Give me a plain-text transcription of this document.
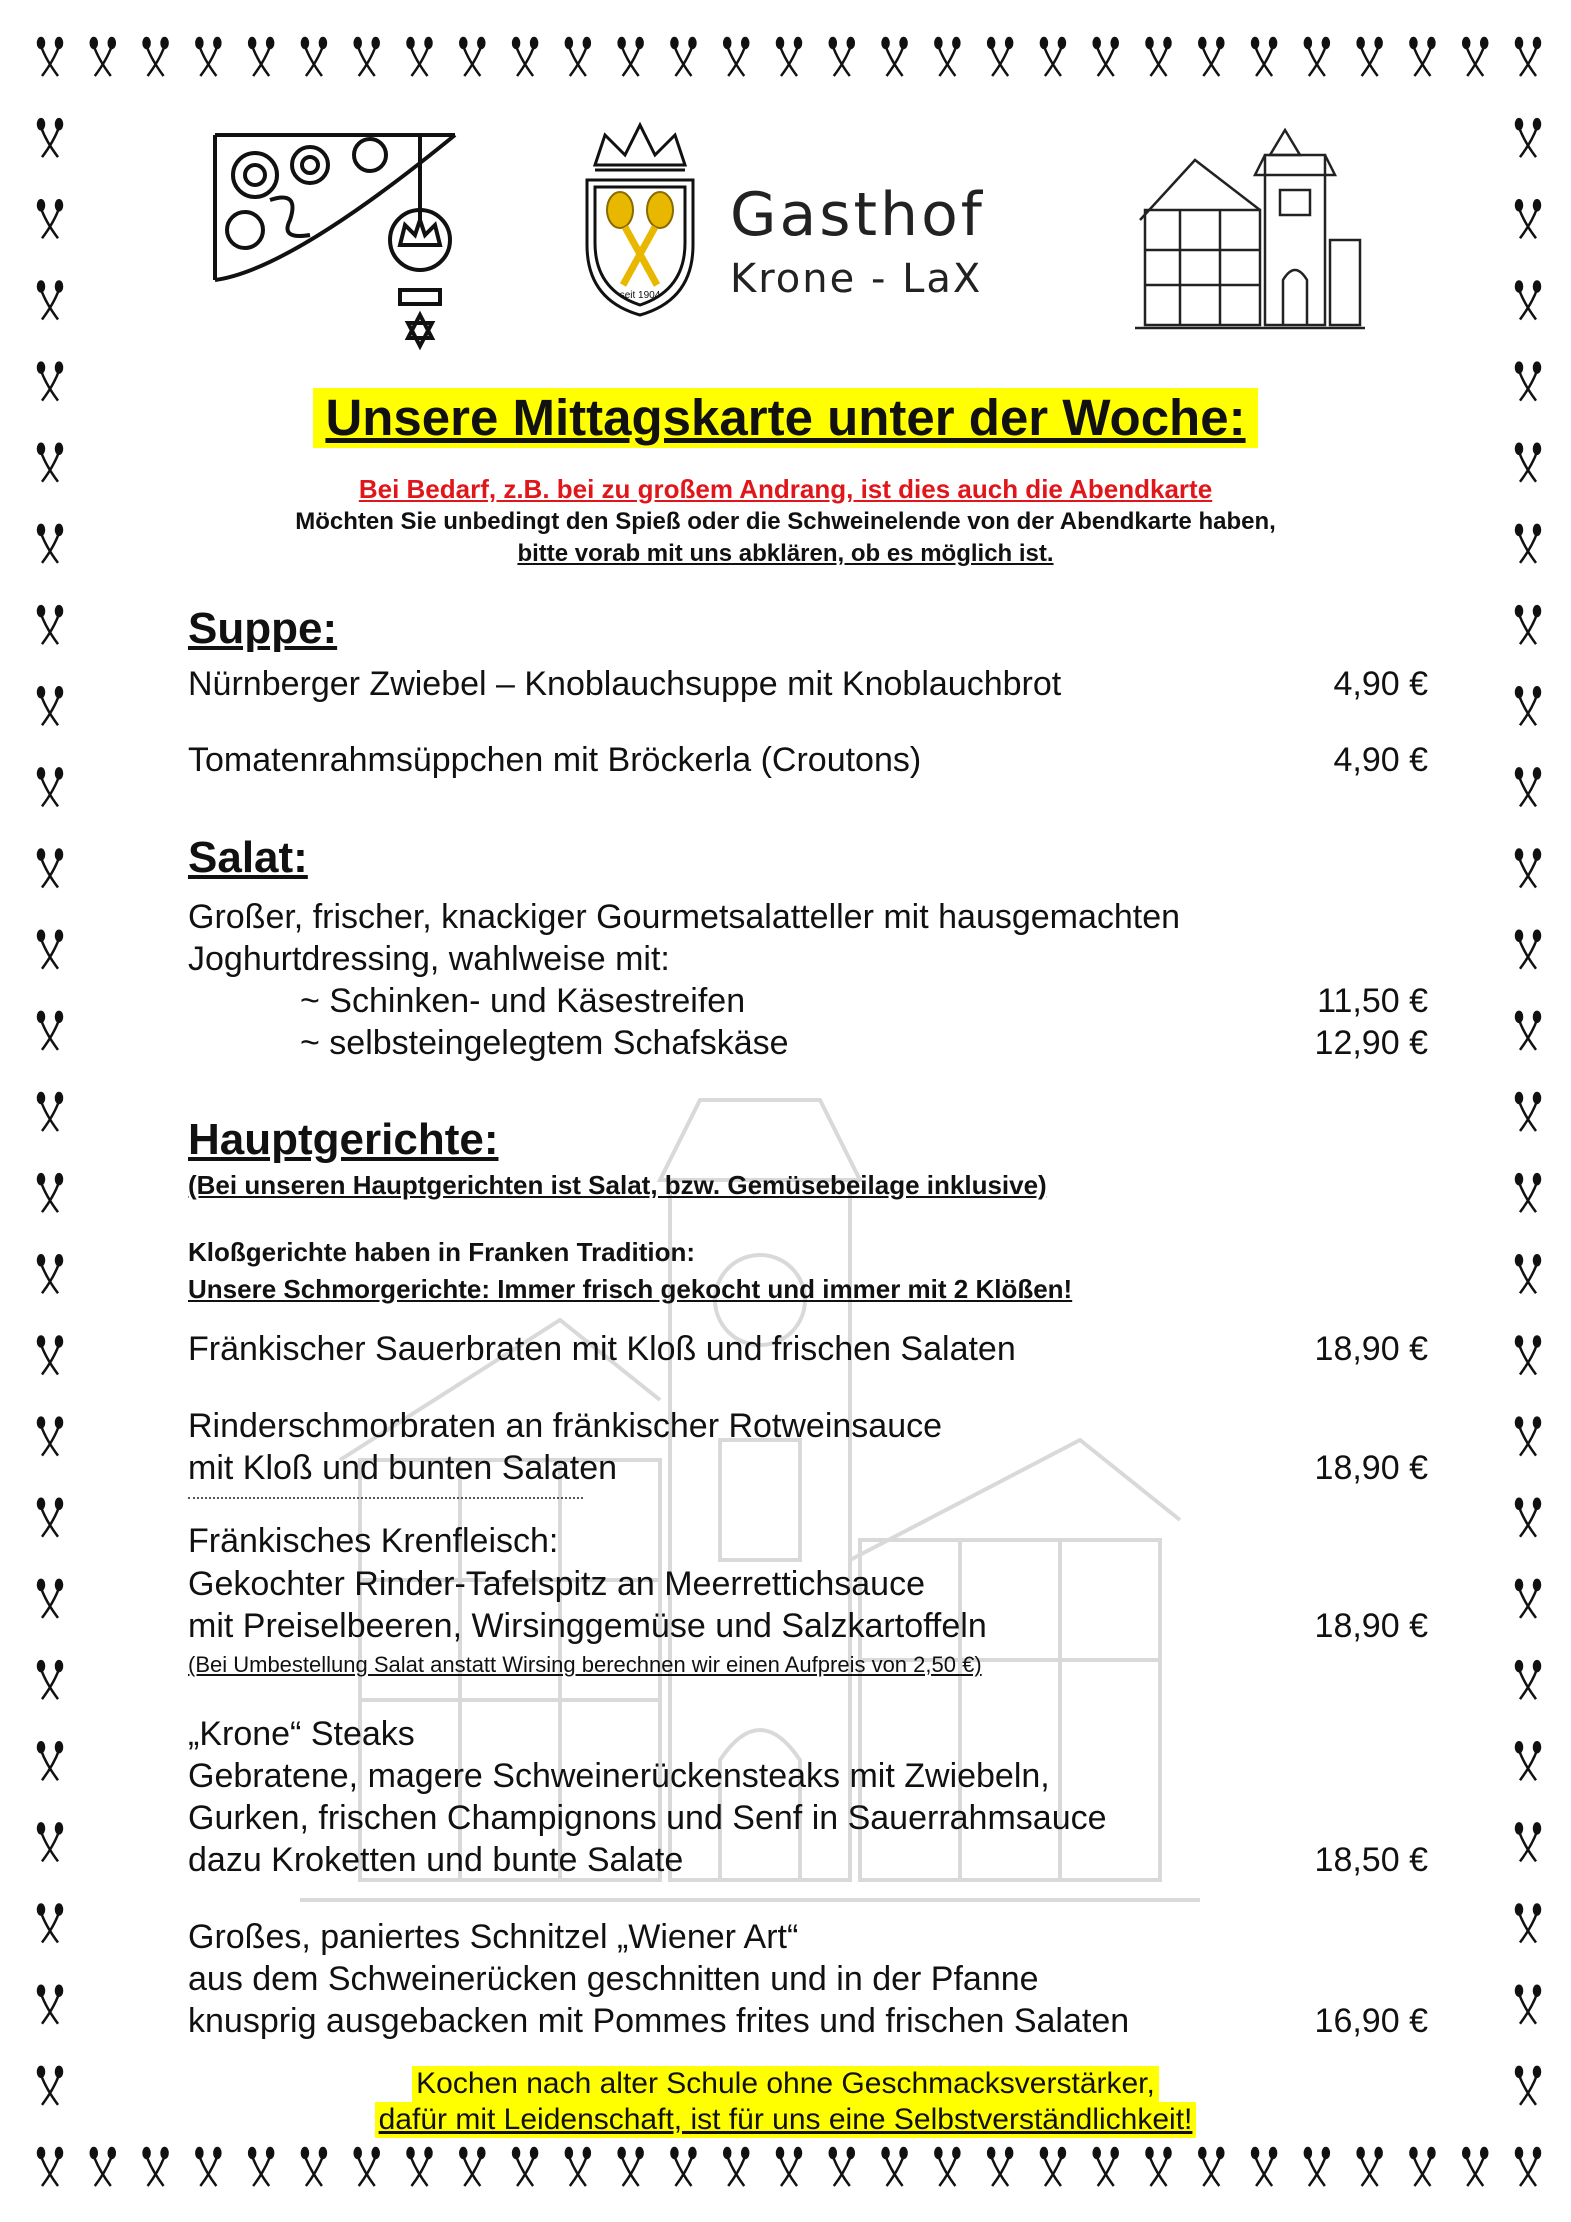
seit 1904
Gasthof
Krone - LaX
Unsere Mittagskarte unter der Woche:
Bei Bedarf, z.B. bei zu großem Andrang, ist dies auch die Abendkarte
Möchten Sie unbedingt den Spieß oder die Schweinelende von der Abendkarte haben,
bitte vorab mit uns abklären, ob es möglich ist.
Suppe:
Nürnberger Zwiebel – Knoblauchsuppe mit Knoblauchbrot	4,90 €
Tomatenrahmsüppchen mit Bröckerla (Croutons)	4,90 €
Salat:
Großer, frischer, knackiger Gourmetsalatteller mit hausgemachten
Joghurtdressing, wahlweise mit:
~ Schinken- und Käsestreifen	11,50 €
~ selbsteingelegtem Schafskäse	12,90 €
Hauptgerichte:
(Bei unseren Hauptgerichten ist Salat, bzw. Gemüsebeilage inklusive)
Kloßgerichte haben in Franken Tradition:
Unsere Schmorgerichte: Immer frisch gekocht und immer mit 2 Klößen!
Fränkischer Sauerbraten mit Kloß und frischen Salaten	18,90 €
Rinderschmorbraten an fränkischer Rotweinsauce
mit Kloß und bunten Salaten	18,90 €
Fränkisches Krenfleisch:
Gekochter Rinder-Tafelspitz an Meerrettichsauce
mit Preiselbeeren, Wirsinggemüse und Salzkartoffeln	18,90 €
(Bei Umbestellung Salat anstatt Wirsing berechnen wir einen Aufpreis von 2,50 €)
„Krone“ Steaks
Gebratene, magere Schweinerückensteaks mit Zwiebeln,
Gurken, frischen Champignons und Senf in Sauerrahmsauce
dazu Kroketten und bunte Salate	18,50 €
Großes, paniertes Schnitzel „Wiener Art“
aus dem Schweinerücken geschnitten und in der Pfanne
knusprig ausgebacken mit Pommes frites und frischen Salaten	16,90 €
Kochen nach alter Schule ohne Geschmacksverstärker,
dafür mit Leidenschaft, ist für uns eine Selbstverständlichkeit!
